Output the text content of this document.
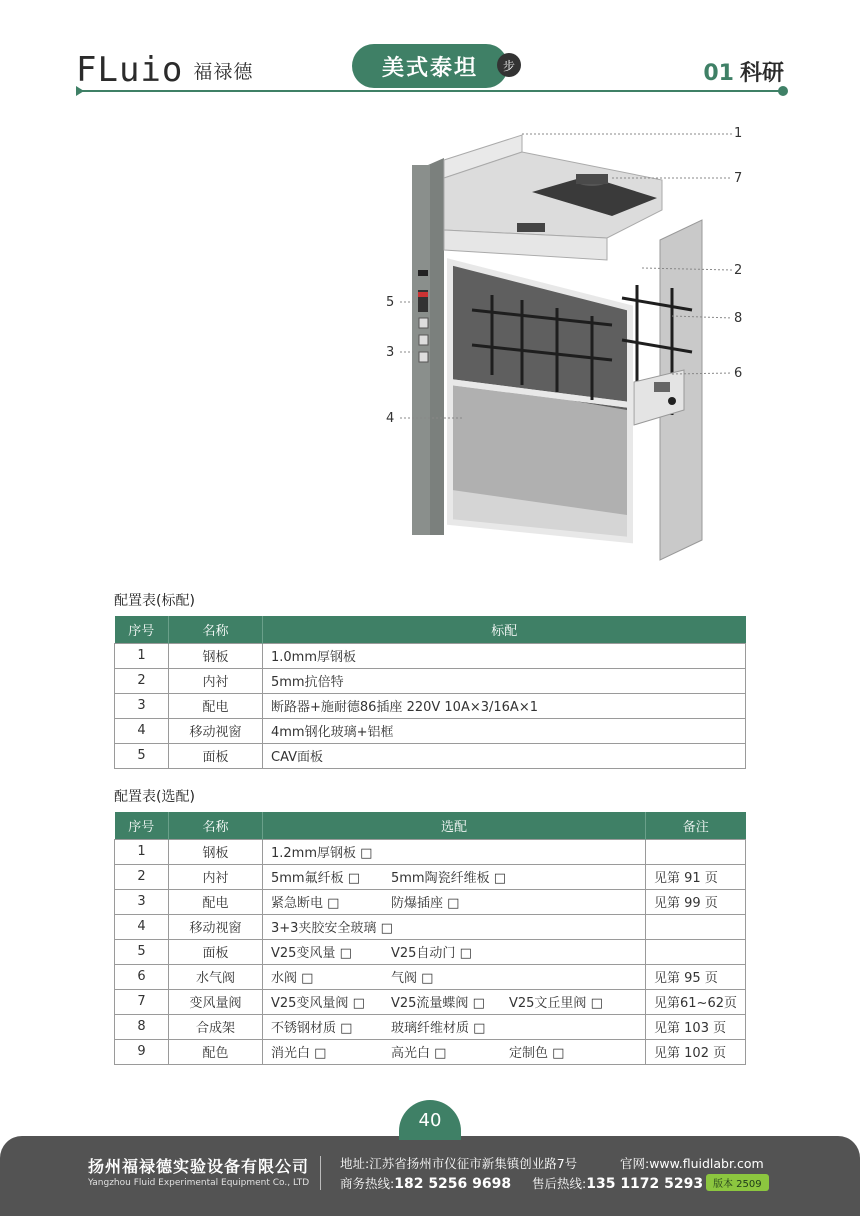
FLuio 福禄德	美式泰坦	步	01 科研
1
7
2
8
6
5
3
4
配置表(标配)
序号	名称	标配
1	钢板	1.0mm厚钢板
2	内衬	5mm抗倍特
3	配电	断路器+施耐德86插座 220V 10A×3/16A×1
4	移动视窗	4mm钢化玻璃+铝框
5	面板	CAV面板
配置表(选配)
序号	名称	选配	备注
1	钢板	1.2mm厚钢板 □	
2	内衬	5mm氟纤板 □ 5mm陶瓷纤维板 □	见第 91 页
3	配电	紧急断电 □ 防爆插座 □	见第 99 页
4	移动视窗	3+3夹胶安全玻璃 □	
5	面板	V25变风量 □ V25自动门 □	
6	水气阀	水阀 □ 气阀 □	见第 95 页
7	变风量阀	V25变风量阀 □ V25流量蝶阀 □ V25文丘里阀 □	见第61~62页
8	合成架	不锈钢材质 □ 玻璃纤维材质 □	见第 103 页
9	配色	消光白 □ 高光白 □ 定制色 □	见第 102 页
40
扬州福禄德实验设备有限公司
Yangzhou Fluid Experimental Equipment Co., LTD
地址:江苏省扬州市仪征市新集镇创业路7号	官网:www.fluidlabr.com
商务热线:182 5256 9698 售后热线:135 1172 5293 版本 2509
